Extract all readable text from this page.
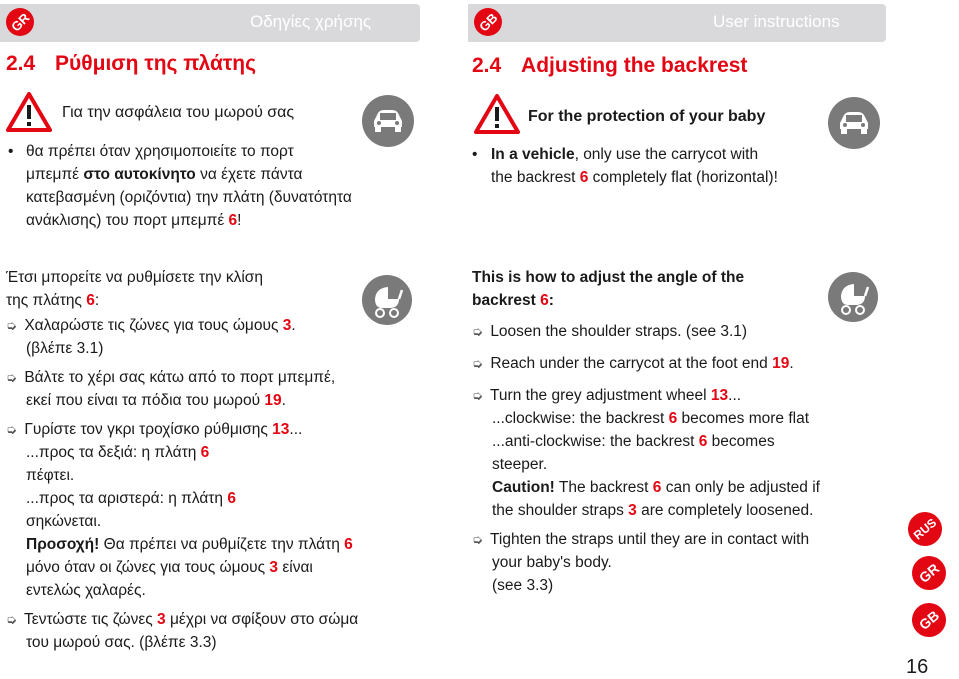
GR	Οδηγίες χρήσης	GB	User instructions
2.4 Ρύθμιση της πλάτης	2.4 Adjusting the backrest
Για την ασφάλεια του μωρού σας
• θα πρέπει όταν χρησιμοποιείτε το πορτ
μπεμπέ στο αυτοκίνητο να έχετε πάντα
κατεβασμένη (οριζόντια) την πλάτη (δυνατότητα
ανάκλισης) του πορτ μπεμπέ 6!
For the protection of your baby
• In a vehicle, only use the carrycot with
the backrest 6 completely flat (horizontal)!
Έτσι μπορείτε να ρυθμίσετε την κλίση
της πλάτης 6:
➭ Χαλαρώστε τις ζώνες για τους ώμους 3.
(βλέπε 3.1)
➭ Βάλτε το χέρι σας κάτω από το πορτ μπεμπέ,
εκεί που είναι τα πόδια του μωρού 19.
➭ Γυρίστε τον γκρι τροχίσκο ρύθμισης 13...
...προς τα δεξιά: η πλάτη 6
πέφτει.
...προς τα αριστερά: η πλάτη 6
σηκώνεται.
Προσοχή! Θα πρέπει να ρυθμίζετε την πλάτη 6
μόνο όταν οι ζώνες για τους ώμους 3 είναι
εντελώς χαλαρές.
➭ Τεντώστε τις ζώνες 3 μέχρι να σφίξουν στο σώμα
του μωρού σας. (βλέπε 3.3)
This is how to adjust the angle of the
backrest 6:
➭ Loosen the shoulder straps. (see 3.1)
➭ Reach under the carrycot at the foot end 19.
➭ Turn the grey adjustment wheel 13...
...clockwise: the backrest 6 becomes more flat
...anti-clockwise: the backrest 6 becomes
steeper.
Caution! The backrest 6 can only be adjusted if
the shoulder straps 3 are completely loosened.
➭ Tighten the straps until they are in contact with
your baby's body.
(see 3.3)
RUS
GR
GB
16
